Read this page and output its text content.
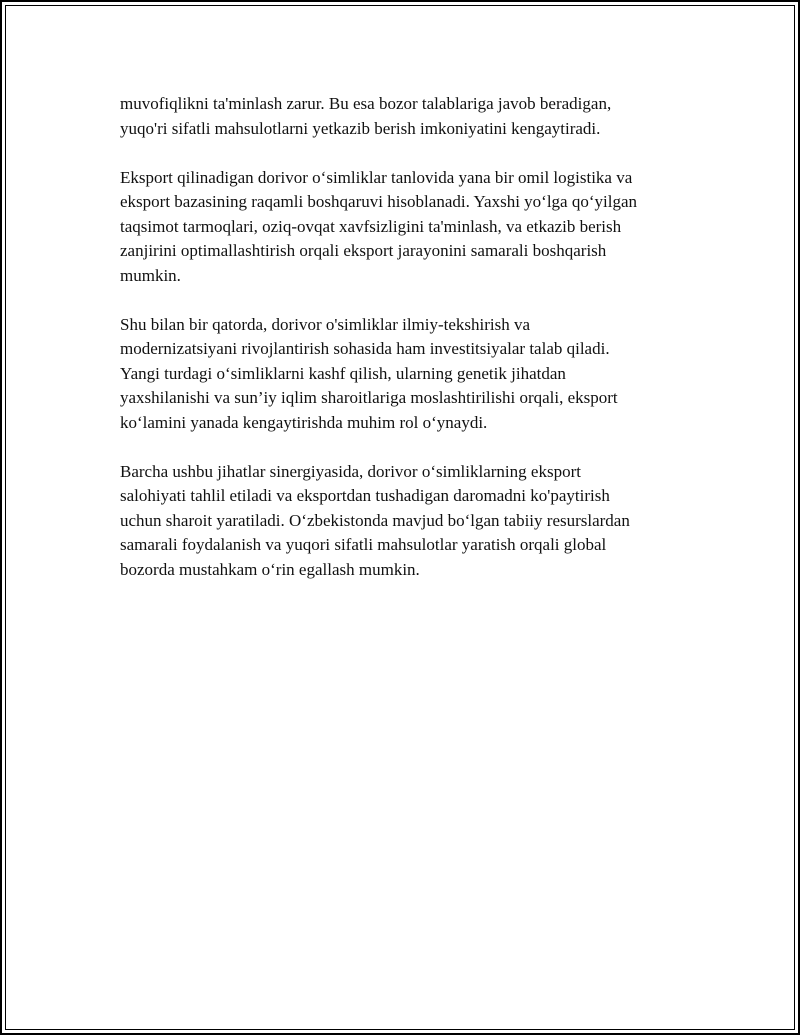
muvofiqlikni ta'minlash zarur. Bu esa bozor talablariga javob beradigan,
yuqo'ri sifatli mahsulotlarni yetkazib berish imkoniyatini kengaytiradi.

Eksport qilinadigan dorivor o‘simliklar tanlovida yana bir omil logistika va
eksport bazasining raqamli boshqaruvi hisoblanadi. Yaxshi yo‘lga qo‘yilgan
taqsimot tarmoqlari, oziq-ovqat xavfsizligini ta'minlash, va etkazib berish
zanjirini optimallashtirish orqali eksport jarayonini samarali boshqarish
mumkin.

Shu bilan bir qatorda, dorivor o'simliklar ilmiy-tekshirish va
modernizatsiyani rivojlantirish sohasida ham investitsiyalar talab qiladi.
Yangi turdagi o‘simliklarni kashf qilish, ularning genetik jihatdan
yaxshilanishi va sun’iy iqlim sharoitlariga moslashtirilishi orqali, eksport
ko‘lamini yanada kengaytirishda muhim rol o‘ynaydi.

Barcha ushbu jihatlar sinergiyasida, dorivor o‘simliklarning eksport
salohiyati tahlil etiladi va eksportdan tushadigan daromadni ko'paytirish
uchun sharoit yaratiladi. O‘zbekistonda mavjud bo‘lgan tabiiy resurslardan
samarali foydalanish va yuqori sifatli mahsulotlar yaratish orqali global
bozorda mustahkam o‘rin egallash mumkin.
